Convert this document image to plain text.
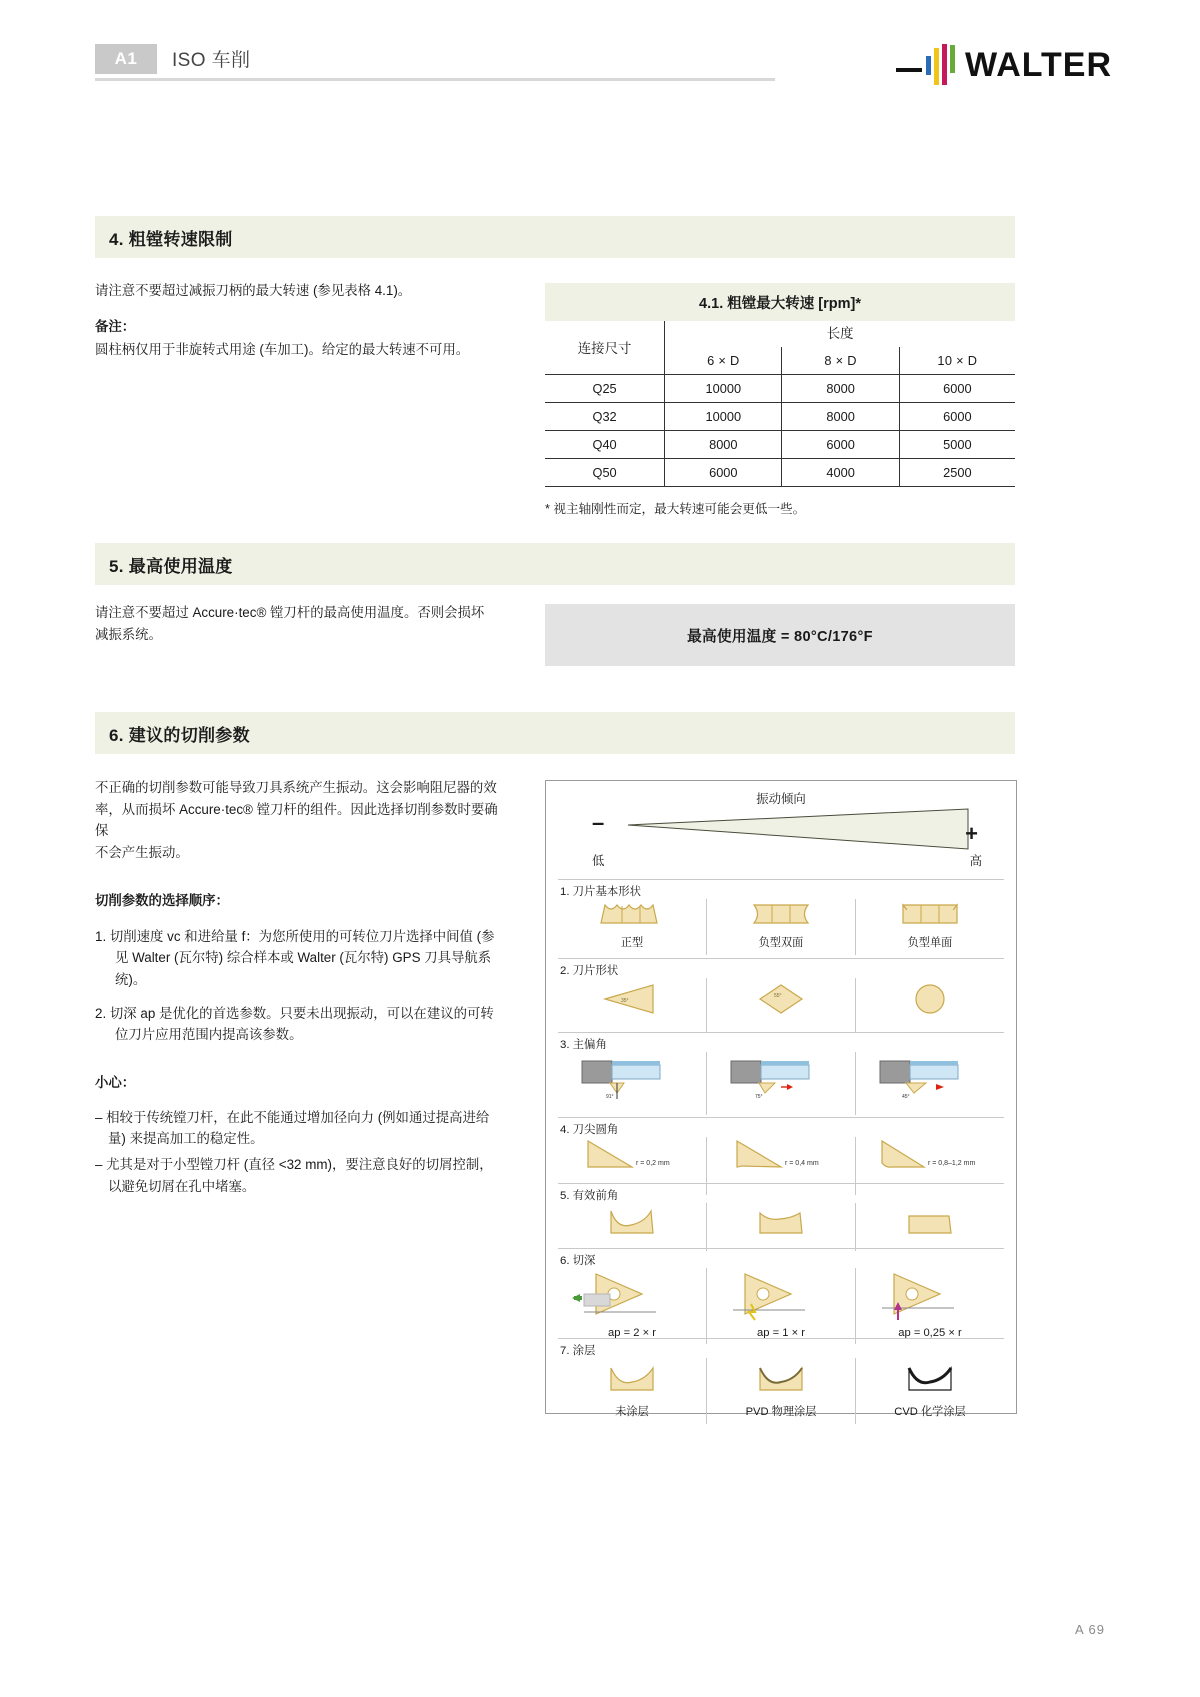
A1	ISO 车削	WALTER
4. 粗镗转速限制

请注意不要超过减振刀柄的最大转速 (参见表格 4.1)。

备注：

圆柱柄仅用于非旋转式用途 (车加工)。给定的最大转速不可用。

4.1. 粗镗最大转速 [rpm]*
连接尺寸	长度		

	6 × D	8 × D	10 × D

Q25	10000	8000	6000

Q32	10000	8000	6000

Q40	8000	6000	5000

Q50	6000	4000	2500
* 视主轴刚性而定，最大转速可能会更低一些。
5. 最高使用温度

请注意不要超过 Accure·tec® 镗刀杆的最高使用温度。否则会损坏

减振系统。	最高使用温度 = 80°C/176°F
6. 建议的切削参数

不正确的切削参数可能导致刀具系统产生振动。这会影响阻尼器的效

率，从而损坏 Accure·tec® 镗刀杆的组件。因此选择切削参数时要确保

不会产生振动。

切削参数的选择顺序：

1. 切削速度 vc 和进给量 f：为您所使用的可转位刀片选择中间值 (参见 Walter (瓦尔特) 综合样本或 Walter (瓦尔特) GPS 刀具导航系统)。
2. 切深 ap 是优化的首选参数。只要未出现振动，可以在建议的可转位刀片应用范围内提高该参数。

小心：

– 相较于传统镗刀杆，在此不能通过增加径向力 (例如通过提高进给量) 来提高加工的稳定性。
– 尤其是对于小型镗刀杆 (直径 <32 mm)，要注意良好的切屑控制，以避免切屑在孔中堵塞。
振动倾向
–	+
低	高
1. 刀片基本形状
正型	负型双面	负型单面
2. 刀片形状
35°
55°
3. 主偏角
91°	75°	45°
4. 刀尖圆角
r = 0,2 mm	r = 0,4 mm	r = 0,8–1,2 mm
5. 有效前角
6. 切深
ap = 2 × r	ap = 1 × r	ap = 0,25 × r
7. 涂层
未涂层	PVD 物理涂层	CVD 化学涂层
A 69
